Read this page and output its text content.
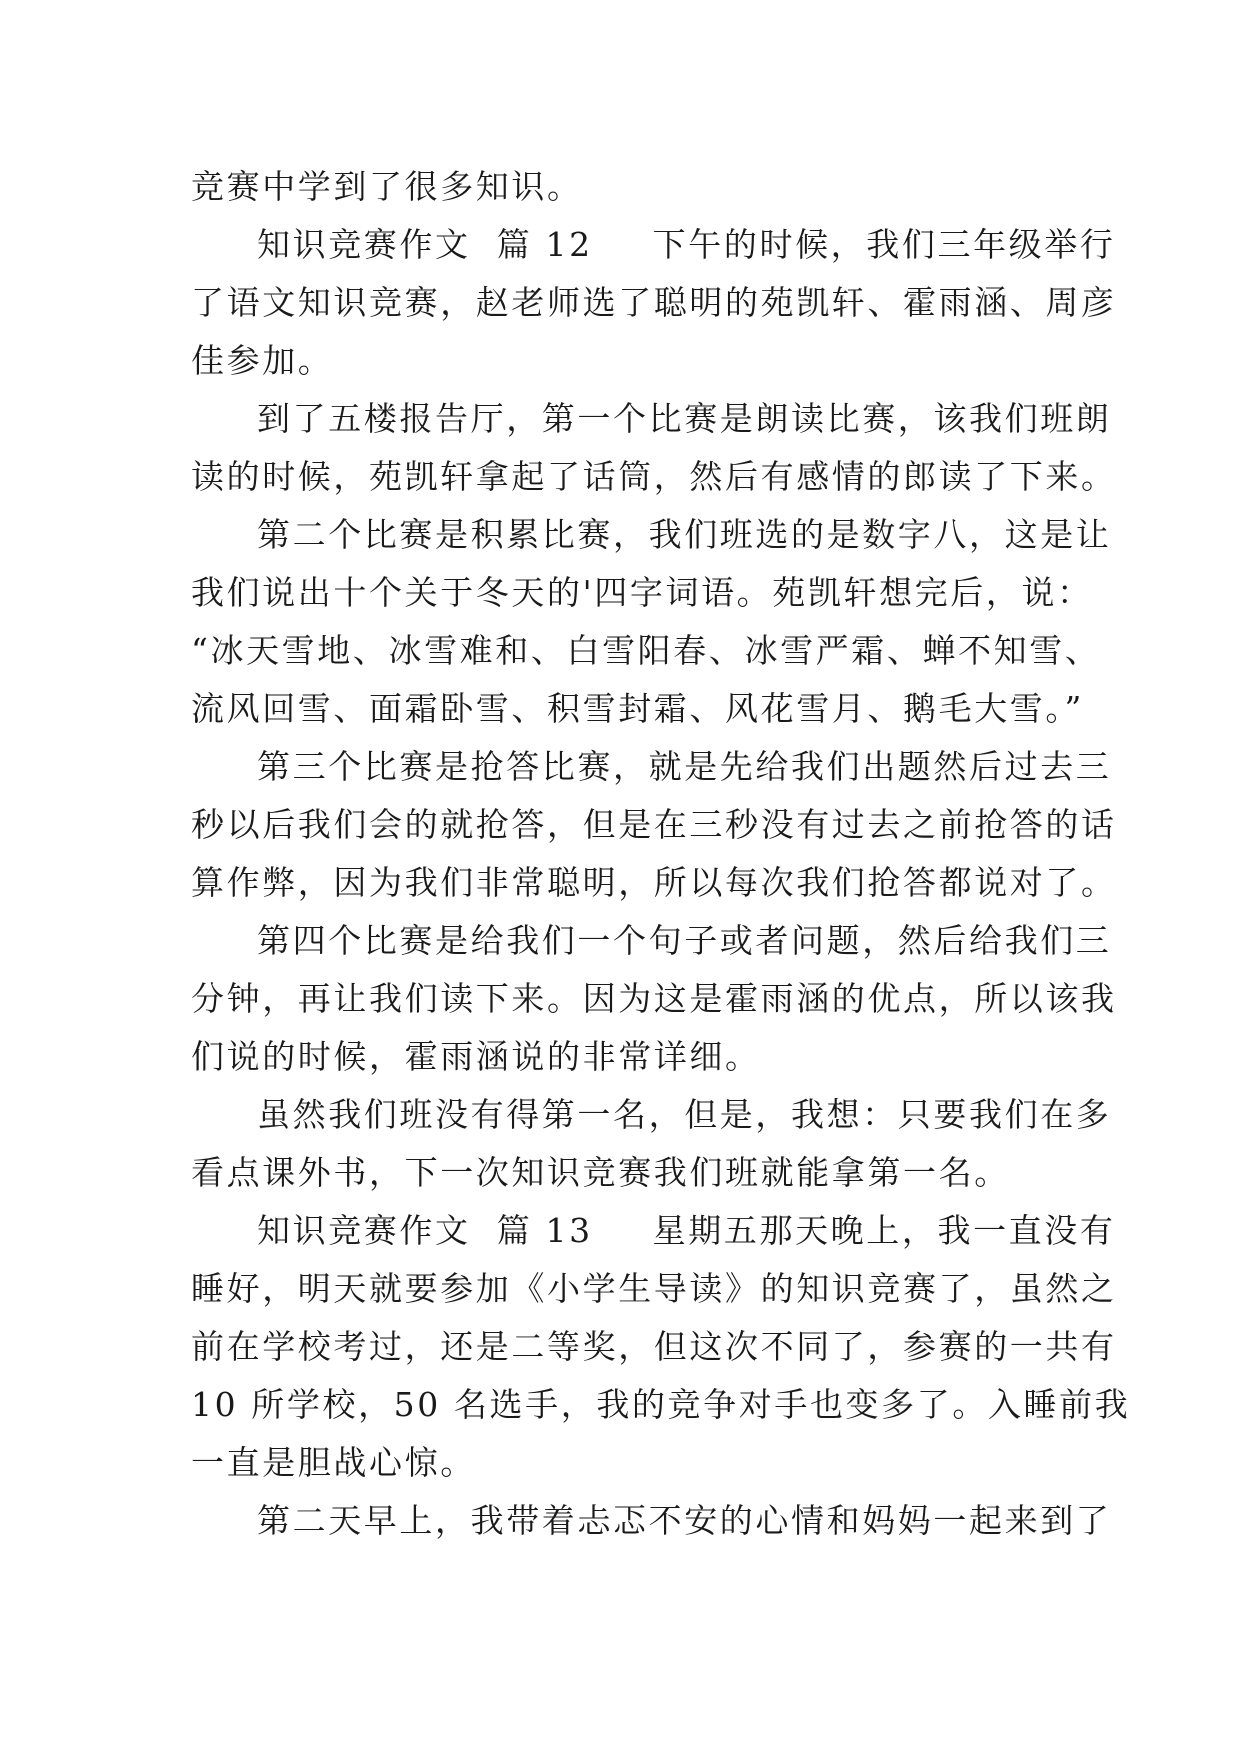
竞赛中学到了很多知识。
知识竞赛作文  篇 12 下午的时候，我们三年级举行
了语文知识竞赛，赵老师选了聪明的苑凯轩、霍雨涵、周彦
佳参加。
到了五楼报告厅，第一个比赛是朗读比赛，该我们班朗
读的时候，苑凯轩拿起了话筒，然后有感情的郎读了下来。
第二个比赛是积累比赛，我们班选的是数字八，这是让
我们说出十个关于冬天的'四字词语。苑凯轩想完后，说：
“冰天雪地、冰雪难和、白雪阳春、冰雪严霜、蝉不知雪、
流风回雪、面霜卧雪、积雪封霜、风花雪月、鹅毛大雪。”
第三个比赛是抢答比赛，就是先给我们出题然后过去三
秒以后我们会的就抢答，但是在三秒没有过去之前抢答的话
算作弊，因为我们非常聪明，所以每次我们抢答都说对了。
第四个比赛是给我们一个句子或者问题，然后给我们三
分钟，再让我们读下来。因为这是霍雨涵的优点，所以该我
们说的时候，霍雨涵说的非常详细。
虽然我们班没有得第一名，但是，我想：只要我们在多
看点课外书，下一次知识竞赛我们班就能拿第一名。
知识竞赛作文  篇 13 星期五那天晚上，我一直没有
睡好，明天就要参加《小学生导读》的知识竞赛了，虽然之
前在学校考过，还是二等奖，但这次不同了，参赛的一共有
10 所学校，50 名选手，我的竞争对手也变多了。入睡前我
一直是胆战心惊。
第二天早上，我带着忐忑不安的心情和妈妈一起来到了
